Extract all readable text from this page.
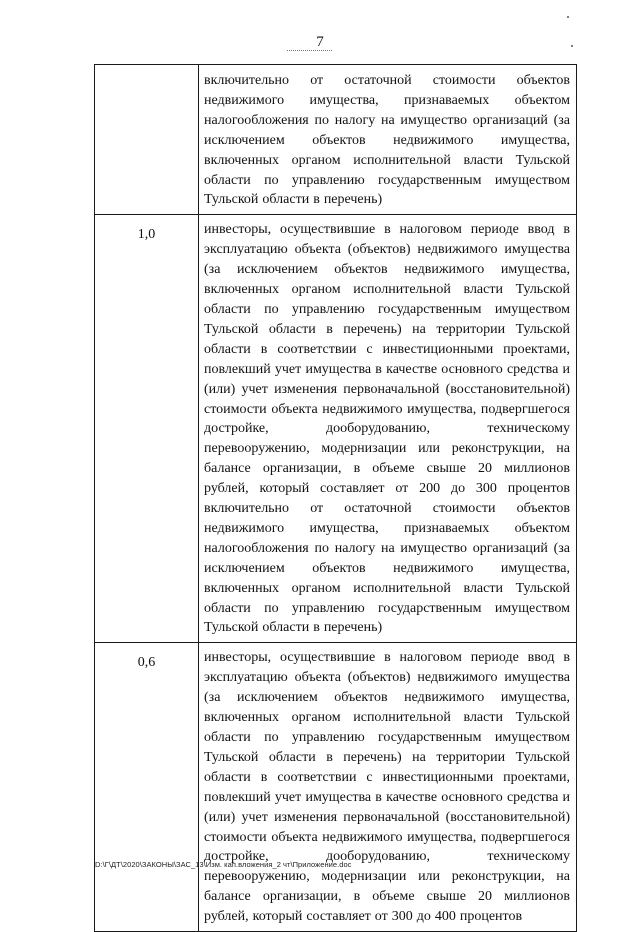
7
	включительно от остаточной стоимости объектов недвижимого имущества, признаваемых объектом налогообложения по налогу на имущество организаций (за исключением объектов недвижимого имущества, включенных органом исполнительной власти Тульской области по управлению государственным имуществом Тульской области в перечень)
1,0	инвесторы, осуществившие в налоговом периоде ввод в эксплуатацию объекта (объектов) недвижимого имущества (за исключением объектов недвижимого имущества, включенных органом исполнительной власти Тульской области по управлению государственным имуществом Тульской области в перечень) на территории Тульской области в соответствии с инвестиционными проектами, повлекший учет имущества в качестве основного средства и (или) учет изменения первоначальной (восстановительной) стоимости объекта недвижимого имущества, подвергшегося достройке, дооборудованию, техническому перевооружению, модернизации или реконструкции, на балансе организации, в объеме свыше 20 миллионов рублей, который составляет от 200 до 300 процентов включительно от остаточной стоимости объектов недвижимого имущества, признаваемых объектом налогообложения по налогу на имущество организаций (за исключением объектов недвижимого имущества, включенных органом исполнительной власти Тульской области по управлению государственным имуществом Тульской области в перечень)
0,6	инвесторы, осуществившие в налоговом периоде ввод в эксплуатацию объекта (объектов) недвижимого имущества (за исключением объектов недвижимого имущества, включенных органом исполнительной власти Тульской области по управлению государственным имуществом Тульской области в перечень) на территории Тульской области в соответствии с инвестиционными проектами, повлекший учет имущества в качестве основного средства и (или) учет изменения первоначальной (восстановительной) стоимости объекта недвижимого имущества, подвергшегося достройке, дооборудованию, техническому перевооружению, модернизации или реконструкции, на балансе организации, в объеме свыше 20 миллионов рублей, который составляет от 300 до 400 процентов
D:\Г\ДТ\2020\ЗАКОНЫ\ЗАС_13\Изм. кап.вложения_2 чт\Приложение.doc
